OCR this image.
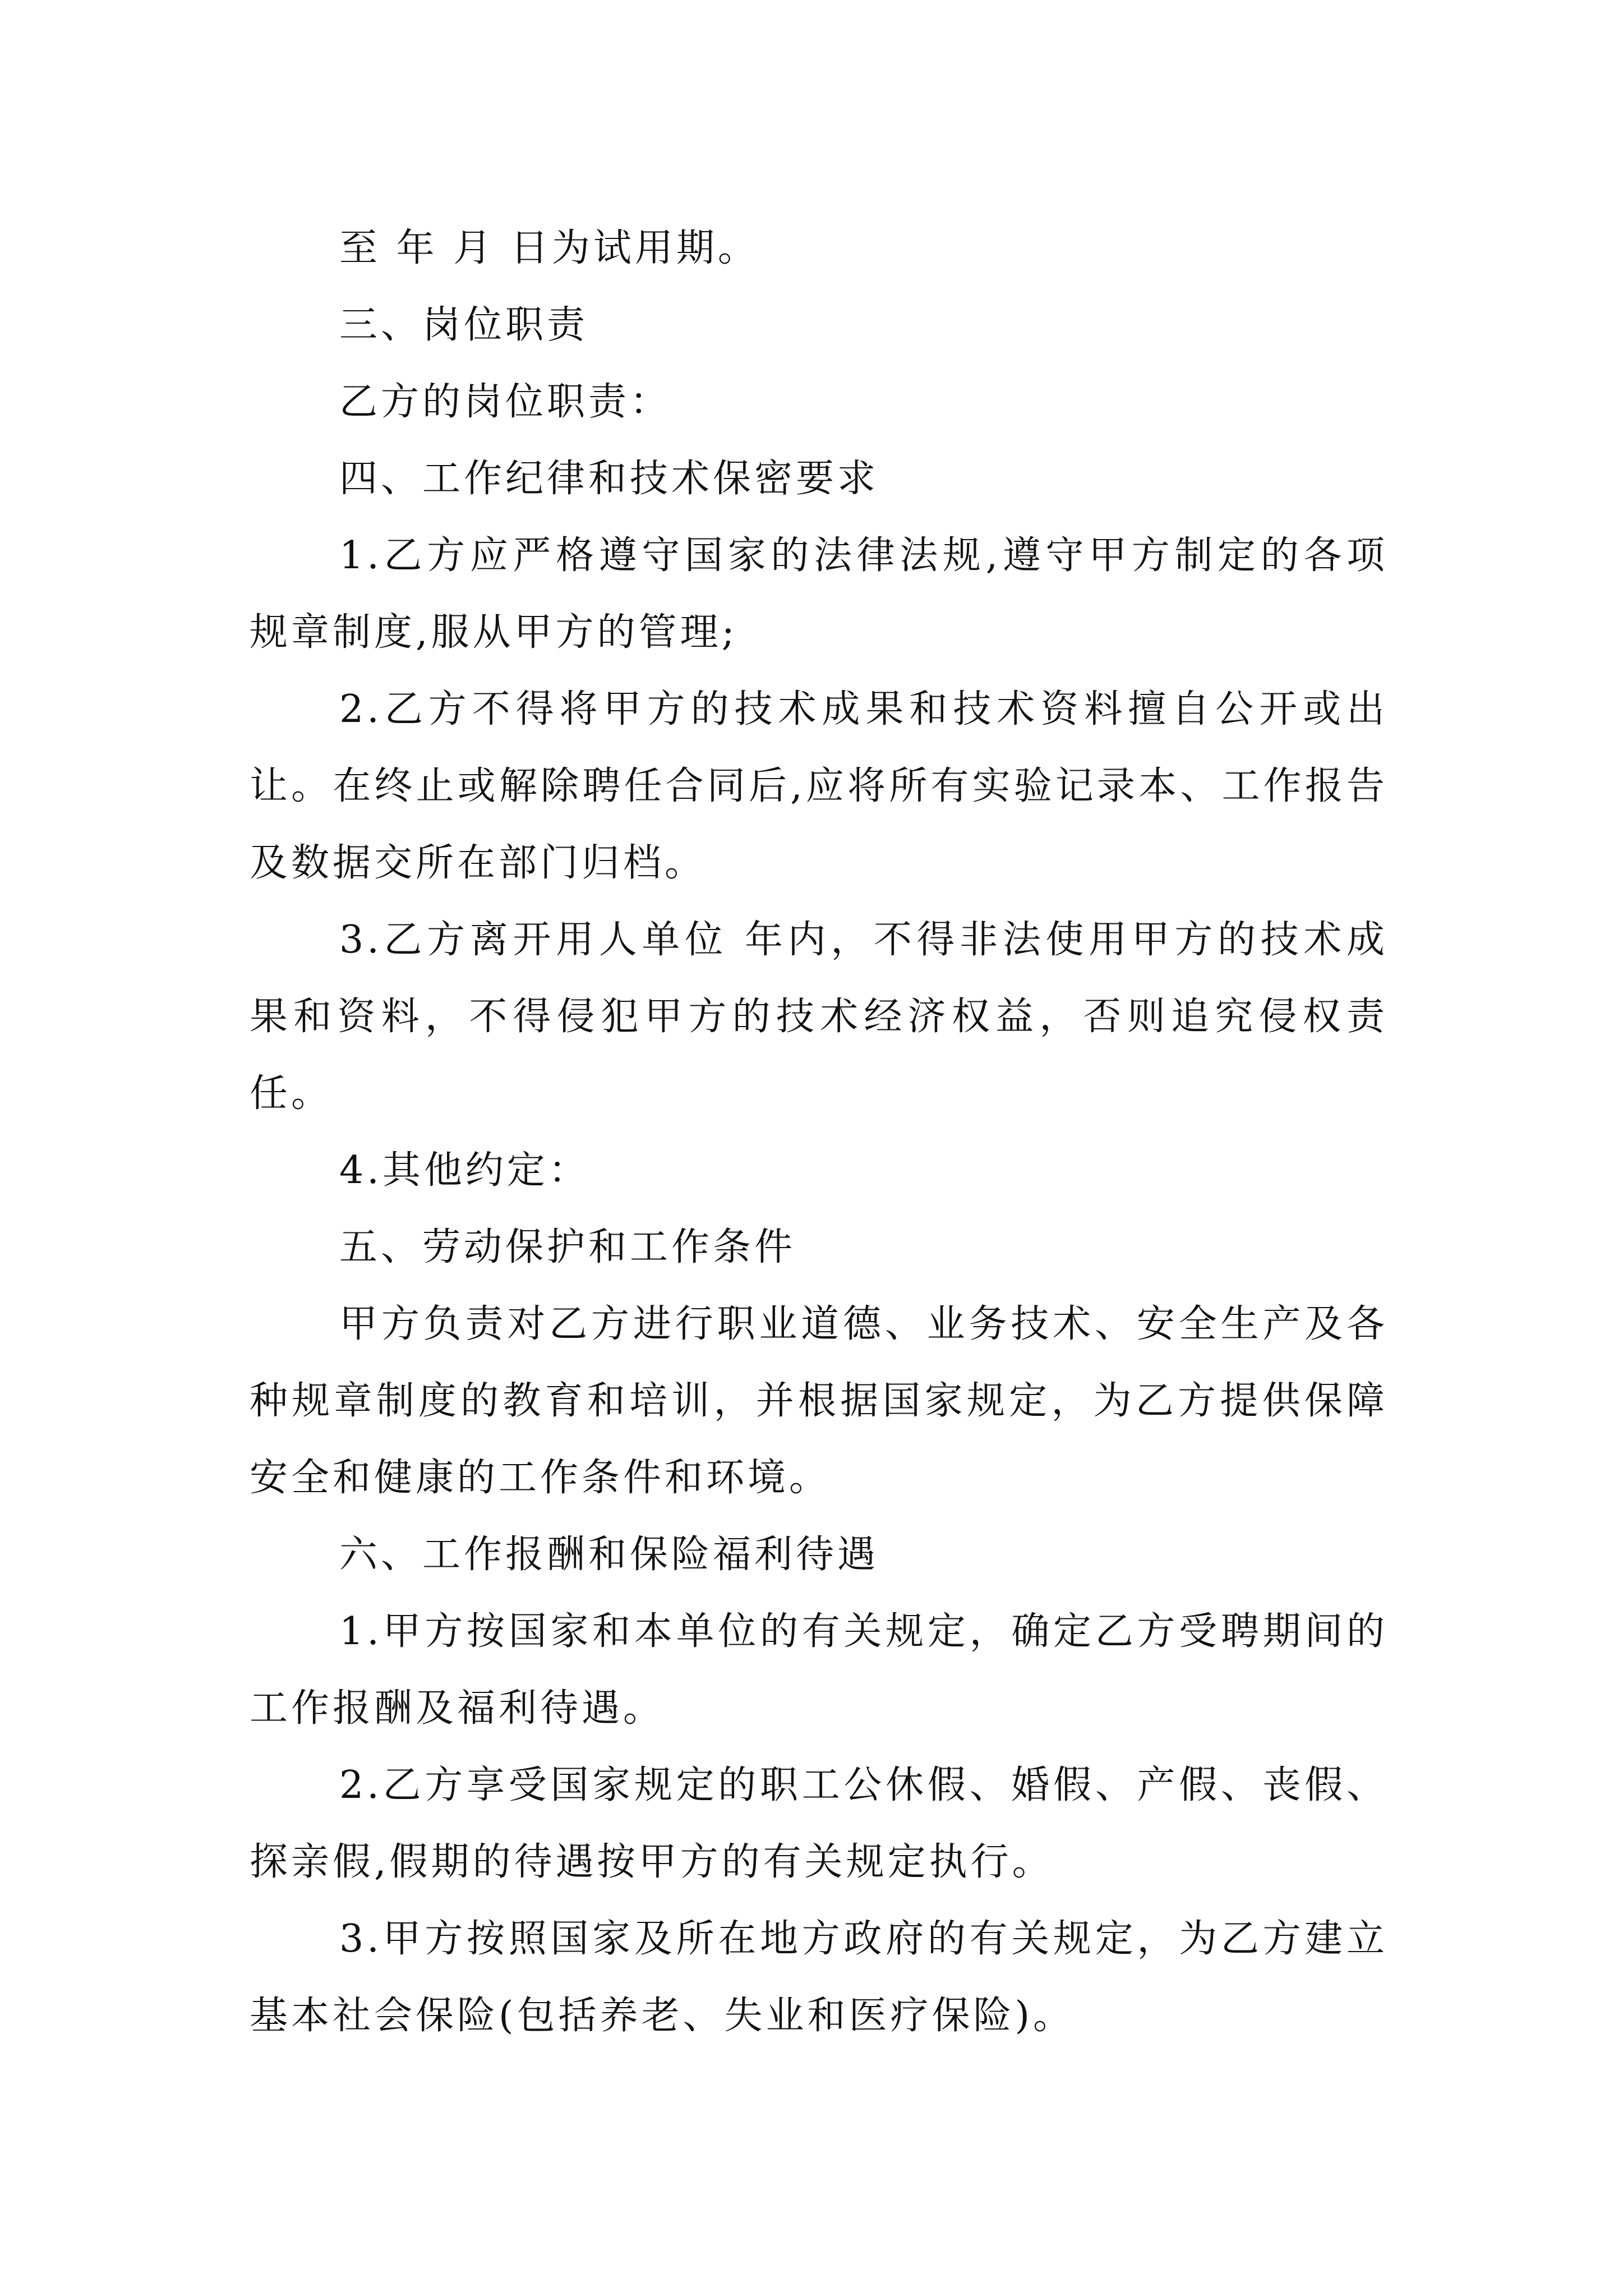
至 年 月 日为试用期。

三、岗位职责

乙方的岗位职责：

四、工作纪律和技术保密要求

1.乙方应严格遵守国家的法律法规,遵守甲方制定的各项规章制度,服从甲方的管理;

2.乙方不得将甲方的技术成果和技术资料擅自公开或出让。在终止或解除聘任合同后,应将所有实验记录本、工作报告及数据交所在部门归档。

3.乙方离开用人单位 年内，不得非法使用甲方的技术成果和资料，不得侵犯甲方的技术经济权益，否则追究侵权责任。

4.其他约定：

五、劳动保护和工作条件

甲方负责对乙方进行职业道德、业务技术、安全生产及各种规章制度的教育和培训，并根据国家规定，为乙方提供保障安全和健康的工作条件和环境。

六、工作报酬和保险福利待遇

1.甲方按国家和本单位的有关规定，确定乙方受聘期间的工作报酬及福利待遇。

2.乙方享受国家规定的职工公休假、婚假、产假、丧假、探亲假,假期的待遇按甲方的有关规定执行。

3.甲方按照国家及所在地方政府的有关规定，为乙方建立基本社会保险(包括养老、失业和医疗保险)。
